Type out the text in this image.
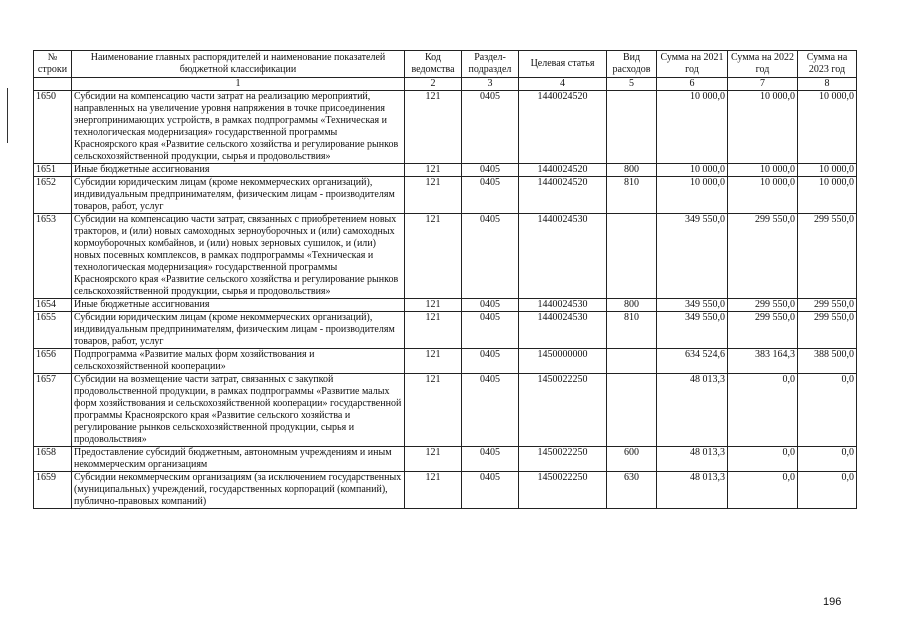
№ строки	Наименование главных распорядителей и наименование показателей бюджетной классификации	Код ведомства	Раздел-подраздел	Целевая статья	Вид расходов	Сумма на 2021 год	Сумма на 2022 год	Сумма на 2023 год
	1	2	3	4	5	6	7	8
1650	Субсидии на компенсацию части затрат на реализацию мероприятий, направленных на увеличение уровня напряжения в точке присоединения энергопринимающих устройств, в рамках подпрограммы «Техническая и технологическая модернизация» государственной программы Красноярского края «Развитие сельского хозяйства и регулирование рынков сельскохозяйственной продукции, сырья и продовольствия»	121	0405	1440024520		10 000,0	10 000,0	10 000,0
1651	Иные бюджетные ассигнования	121	0405	1440024520	800	10 000,0	10 000,0	10 000,0
1652	Субсидии юридическим лицам (кроме некоммерческих организаций), индивидуальным предпринимателям, физическим лицам - производителям товаров, работ, услуг	121	0405	1440024520	810	10 000,0	10 000,0	10 000,0
1653	Субсидии на компенсацию части затрат, связанных с приобретением новых тракторов, и (или) новых самоходных зерноуборочных и (или) самоходных кормоуборочных комбайнов, и (или) новых зерновых сушилок, и (или) новых посевных комплексов, в рамках подпрограммы «Техническая и технологическая модернизация» государственной программы Красноярского края «Развитие сельского хозяйства и регулирование рынков сельскохозяйственной продукции, сырья и продовольствия»	121	0405	1440024530		349 550,0	299 550,0	299 550,0
1654	Иные бюджетные ассигнования	121	0405	1440024530	800	349 550,0	299 550,0	299 550,0
1655	Субсидии юридическим лицам (кроме некоммерческих организаций), индивидуальным предпринимателям, физическим лицам - производителям товаров, работ, услуг	121	0405	1440024530	810	349 550,0	299 550,0	299 550,0
1656	Подпрограмма «Развитие малых форм хозяйствования и сельскохозяйственной кооперации»	121	0405	1450000000		634 524,6	383 164,3	388 500,0
1657	Субсидии на возмещение части затрат, связанных с закупкой продовольственной продукции, в рамках подпрограммы «Развитие малых форм хозяйствования и сельскохозяйственной кооперации» государственной программы Красноярского края «Развитие сельского хозяйства и регулирование рынков сельскохозяйственной продукции, сырья и продовольствия»	121	0405	1450022250		48 013,3	0,0	0,0
1658	Предоставление субсидий бюджетным, автономным учреждениям и иным некоммерческим организациям	121	0405	1450022250	600	48 013,3	0,0	0,0
1659	Субсидии некоммерческим организациям (за исключением государственных (муниципальных) учреждений, государственных корпораций (компаний), публично-правовых компаний)	121	0405	1450022250	630	48 013,3	0,0	0,0
196
